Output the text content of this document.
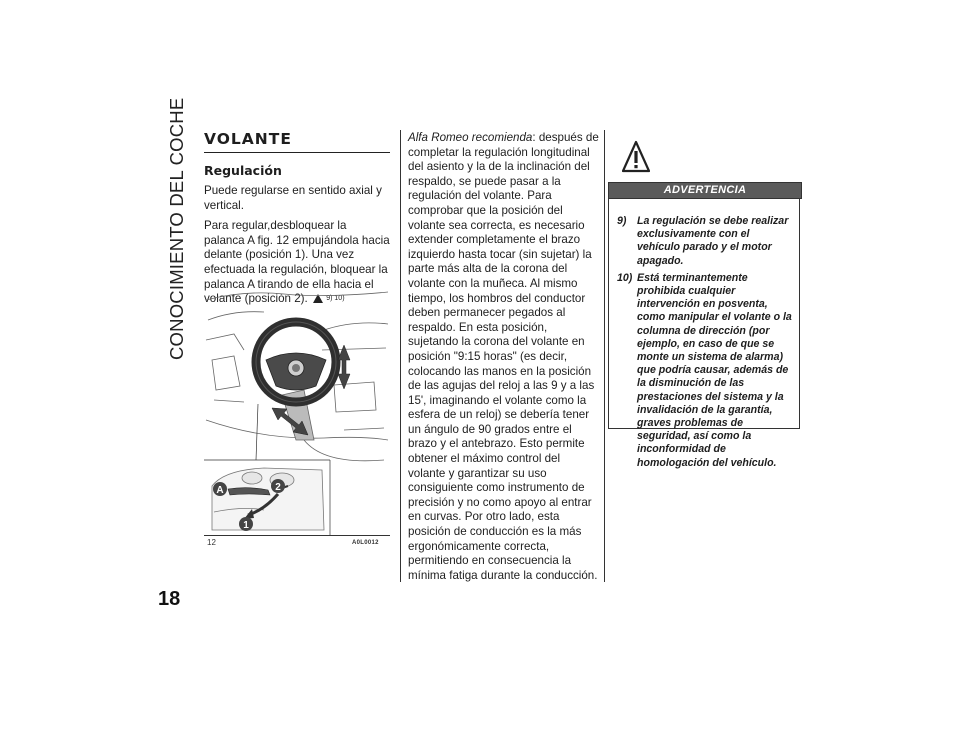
CONOCIMIENTO DEL COCHE
18
VOLANTE
Regulación

Puede regularse en sentido axial y vertical.

Para regular,desbloquear la palanca A fig. 12 empujándola hacia delante (posición 1). Una vez efectuada la regulación, bloquear la palanca A tirando de ella hacia el volante (posición 2).	9) 10)

A	2
1
12	A0L0012

Alfa Romeo recomienda: después de completar la regulación longitudinal del asiento y la de la inclinación del respaldo, se puede pasar a la regulación del volante. Para comprobar que la posición del volante sea correcta, es necesario extender completamente el brazo izquierdo hasta tocar (sin sujetar) la parte más alta de la corona del volante con la muñeca. Al mismo tiempo, los hombros del conductor deben permanecer pegados al respaldo. En esta posición, sujetando la corona del volante en posición "9:15 horas" (es decir, colocando las manos en la posición de las agujas del reloj a las 9 y a las 15', imaginando el volante como la esfera de un reloj) se debería tener un ángulo de 90 grados entre el brazo y el antebrazo. Esto permite obtener el máximo control del volante y garantizar su uso consiguiente como instrumento de precisión y no como apoyo al entrar en curvas. Por otro lado, esta posición de conducción es la más ergonómicamente correcta, permitiendo en consecuencia la mínima fatiga durante la conducción.

ADVERTENCIA
9) La regulación se debe realizar exclusivamente con el vehículo parado y el motor apagado.
10) Está terminantemente prohibida cualquier intervención en posventa, como manipular el volante o la columna de dirección (por ejemplo, en caso de que se monte un sistema de alarma) que podría causar, además de la disminución de las prestaciones del sistema y la invalidación de la garantía, graves problemas de seguridad, así como la inconformidad de homologación del vehículo.
